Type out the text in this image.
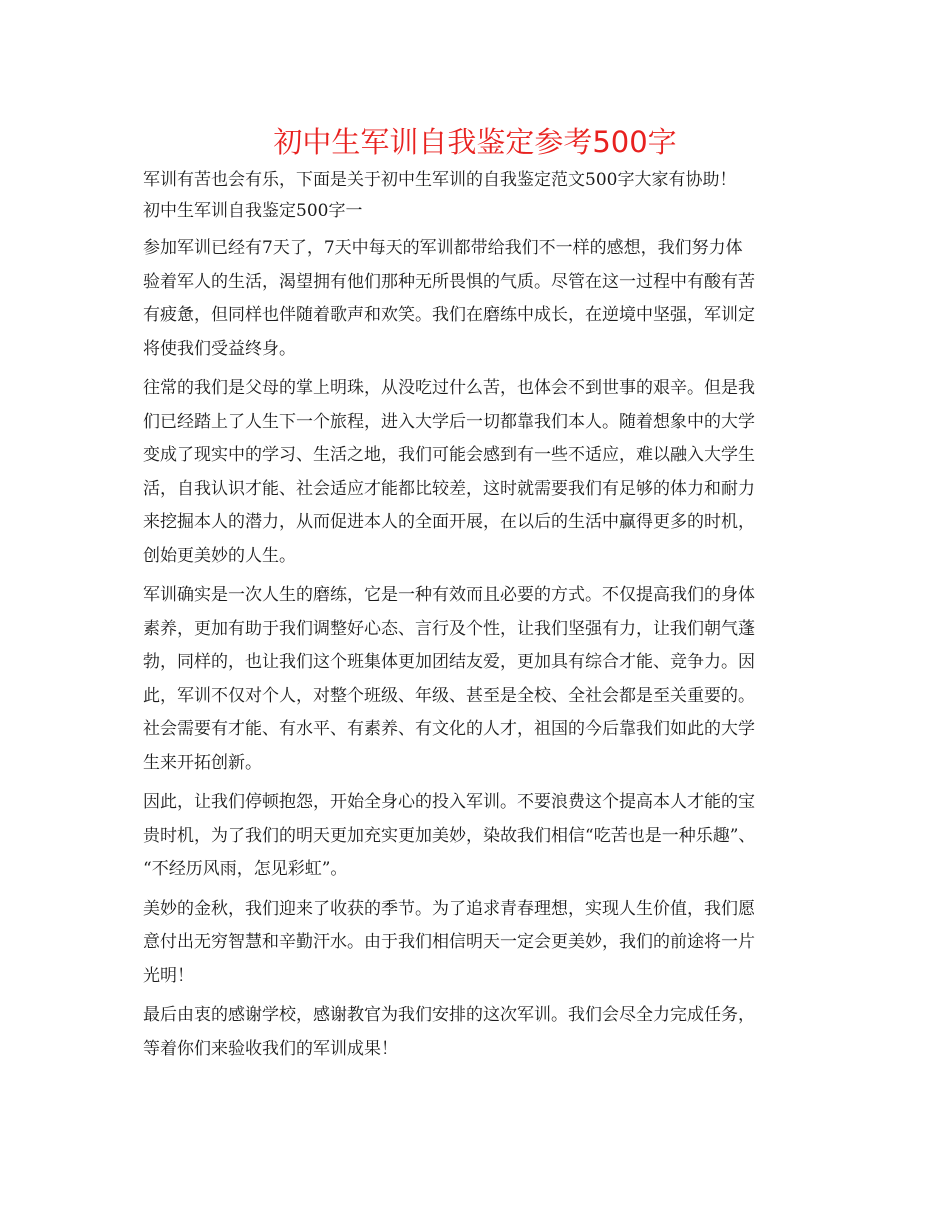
初中生军训自我鉴定参考500字

军训有苦也会有乐，下面是关于初中生军训的自我鉴定范文500字大家有协助！

初中生军训自我鉴定500字一

参加军训已经有7天了，7天中每天的军训都带给我们不一样的感想，我们努力体

验着军人的生活，渴望拥有他们那种无所畏惧的气质。尽管在这一过程中有酸有苦

有疲惫，但同样也伴随着歌声和欢笑。我们在磨练中成长，在逆境中坚强，军训定

将使我们受益终身。

往常的我们是父母的掌上明珠，从没吃过什么苦，也体会不到世事的艰辛。但是我

们已经踏上了人生下一个旅程，进入大学后一切都靠我们本人。随着想象中的大学

变成了现实中的学习、生活之地，我们可能会感到有一些不适应，难以融入大学生

活，自我认识才能、社会适应才能都比较差，这时就需要我们有足够的体力和耐力

来挖掘本人的潜力，从而促进本人的全面开展，在以后的生活中赢得更多的时机，

创始更美妙的人生。

军训确实是一次人生的磨练，它是一种有效而且必要的方式。不仅提高我们的身体

素养，更加有助于我们调整好心态、言行及个性，让我们坚强有力，让我们朝气蓬

勃，同样的，也让我们这个班集体更加团结友爱，更加具有综合才能、竞争力。因

此，军训不仅对个人，对整个班级、年级、甚至是全校、全社会都是至关重要的。

社会需要有才能、有水平、有素养、有文化的人才，祖国的今后靠我们如此的大学

生来开拓创新。

因此，让我们停顿抱怨，开始全身心的投入军训。不要浪费这个提高本人才能的宝

贵时机，为了我们的明天更加充实更加美妙，染故我们相信“吃苦也是一种乐趣”、

“不经历风雨，怎见彩虹”。

美妙的金秋，我们迎来了收获的季节。为了追求青春理想，实现人生价值，我们愿

意付出无穷智慧和辛勤汗水。由于我们相信明天一定会更美妙，我们的前途将一片

光明！

最后由衷的感谢学校，感谢教官为我们安排的这次军训。我们会尽全力完成任务，

等着你们来验收我们的军训成果！
